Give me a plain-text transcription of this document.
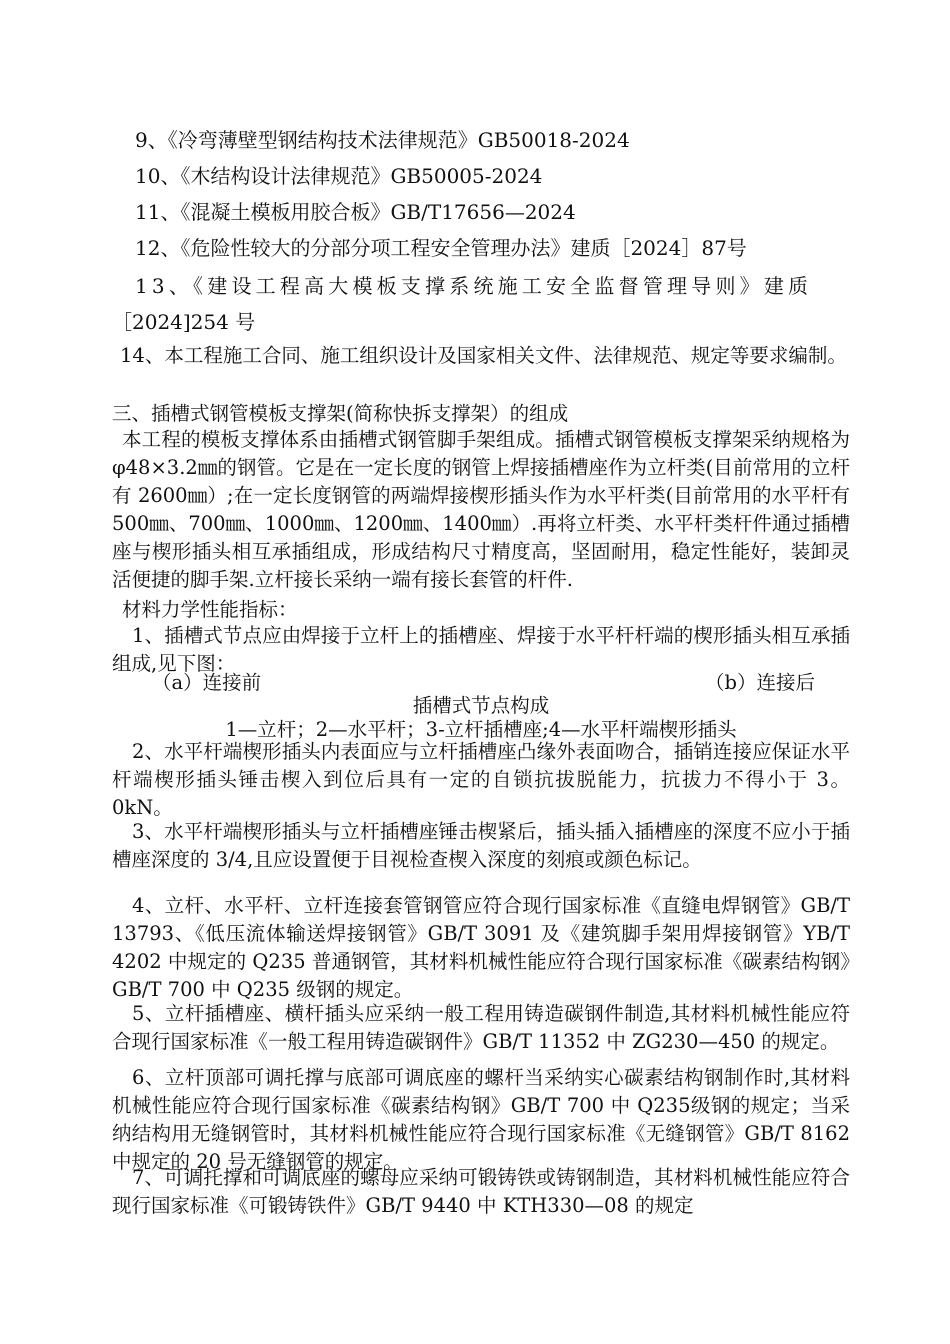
9、《冷弯薄壁型钢结构技术法律规范》GB50018-2024
10、《木结构设计法律规范》GB50005-2024
11、《混凝土模板用胶合板》GB/T17656—2024
12、《危险性较大的分部分项工程安全管理办法》建质［2024］87号
13、《建设工程高大模板支撑系统施工安全监督管理导则》建质
［2024]254 号
14、本工程施工合同、施工组织设计及国家相关文件、法律规范、规定等要求编制。
三、插槽式钢管模板支撑架(简称快拆支撑架）的组成
本工程的模板支撑体系由插槽式钢管脚手架组成。插槽式钢管模板支撑架采纳规格为 φ48×3.2㎜的钢管。它是在一定长度的钢管上焊接插槽座作为立杆类(目前常用的立杆有 2600㎜）;在一定长度钢管的两端焊接楔形插头作为水平杆类(目前常用的水平杆有 500㎜、700㎜、1000㎜、1200㎜、1400㎜）.再将立杆类、水平杆类杆件通过插槽座与楔形插头相互承插组成，形成结构尺寸精度高，坚固耐用，稳定性能好，装卸灵活便捷的脚手架.立杆接长采纳一端有接长套管的杆件.
材料力学性能指标：
1、插槽式节点应由焊接于立杆上的插槽座、焊接于水平杆杆端的楔形插头相互承插组成,见下图：
（a）连接前	（b）连接后
插槽式节点构成
1—立杆；2—水平杆；3-立杆插槽座;4—水平杆端楔形插头
2、水平杆端楔形插头内表面应与立杆插槽座凸缘外表面吻合，插销连接应保证水平杆端楔形插头锤击楔入到位后具有一定的自锁抗拔脱能力，抗拔力不得小于 3。0kN。
3、水平杆端楔形插头与立杆插槽座锤击楔紧后，插头插入插槽座的深度不应小于插槽座深度的 3/4,且应设置便于目视检查楔入深度的刻痕或颜色标记。
4、立杆、水平杆、立杆连接套管钢管应符合现行国家标准《直缝电焊钢管》GB/T 13793、《低压流体输送焊接钢管》GB/T 3091 及《建筑脚手架用焊接钢管》YB/T 4202 中规定的 Q235 普通钢管，其材料机械性能应符合现行国家标准《碳素结构钢》GB/T 700 中 Q235 级钢的规定。
5、立杆插槽座、横杆插头应采纳一般工程用铸造碳钢件制造,其材料机械性能应符合现行国家标准《一般工程用铸造碳钢件》GB/T 11352 中 ZG230—450 的规定。
6、立杆顶部可调托撑与底部可调底座的螺杆当采纳实心碳素结构钢制作时,其材料机械性能应符合现行国家标准《碳素结构钢》GB/T 700 中 Q235级钢的规定；当采纳结构用无缝钢管时，其材料机械性能应符合现行国家标准《无缝钢管》GB/T 8162 中规定的 20 号无缝钢管的规定。
7、可调托撑和可调底座的螺母应采纳可锻铸铁或铸钢制造，其材料机械性能应符合现行国家标准《可锻铸铁件》GB/T 9440 中 KTH330—08 的规定
